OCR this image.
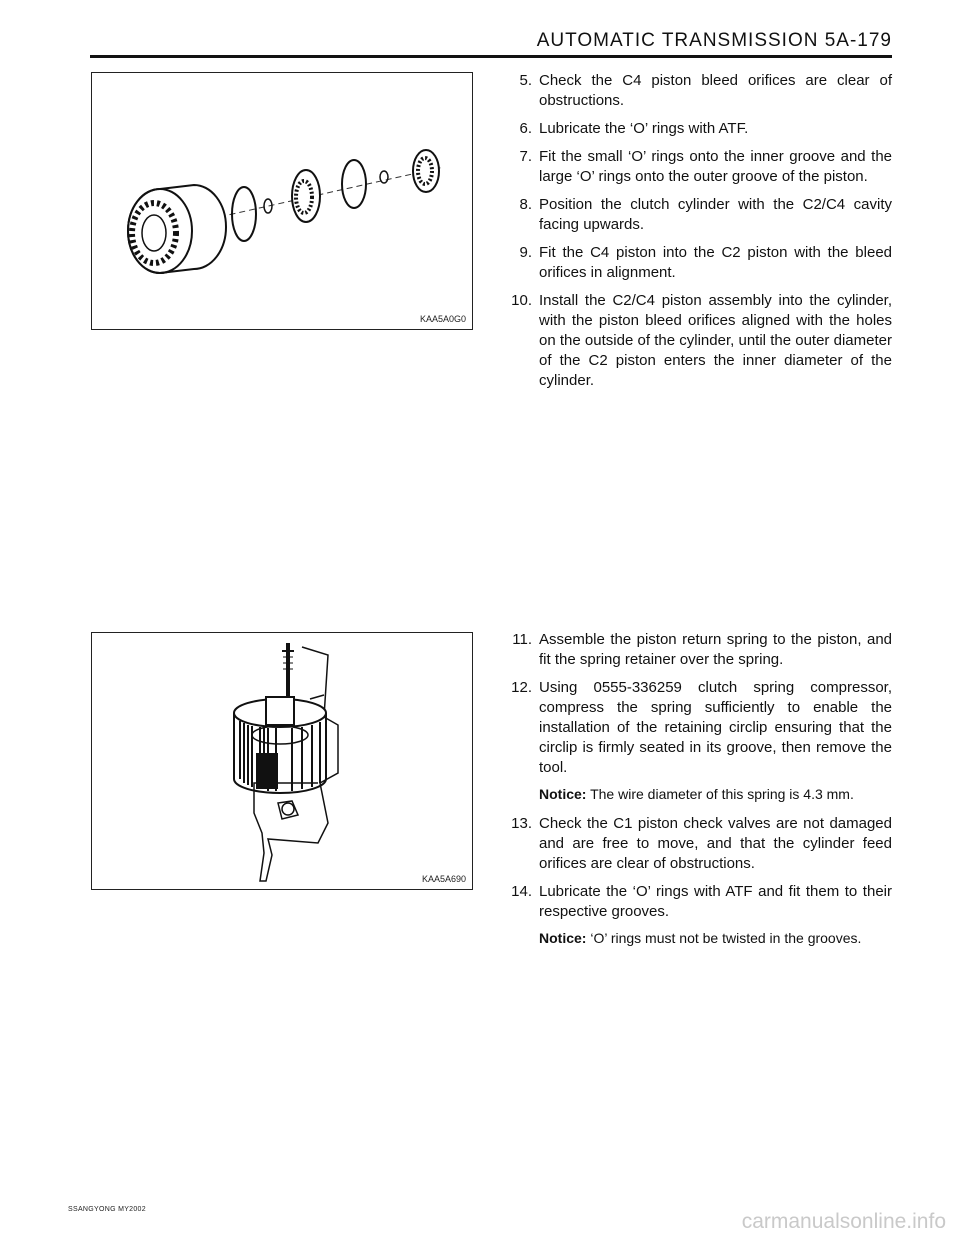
AUTOMATIC TRANSMISSION 5A-179
KAA5A0G0
5. Check the C4 piston bleed orifices are clear of obstructions.
6. Lubricate the ‘O’ rings with ATF.
7. Fit the small ‘O’ rings onto the inner groove and the large ‘O’ rings onto the outer groove of the piston.
8. Position the clutch cylinder with the C2/C4 cavity facing upwards.
9. Fit the C4 piston into the C2 piston with the bleed orifices in alignment.
10. Install the C2/C4 piston assembly into the cylinder, with the piston bleed orifices aligned with the holes on the outside of the cylinder, until the outer diameter of the C2 piston enters the inner diameter of the cylinder.
KAA5A690
11. Assemble the piston return spring to the piston, and fit the spring retainer over the spring.
12. Using 0555-336259 clutch spring compressor, compress the spring sufficiently to enable the installation of the retaining circlip ensuring that the circlip is firmly seated in its groove, then remove the tool.
Notice: The wire diameter of this spring is 4.3 mm.
13. Check the C1 piston check valves are not damaged and are free to move, and that the cylinder feed orifices are clear of obstructions.
14. Lubricate the ‘O’ rings with ATF and fit them to their respective grooves.
Notice: ‘O’ rings must not be twisted in the grooves.
SSANGYONG MY2002
carmanualsonline.info
